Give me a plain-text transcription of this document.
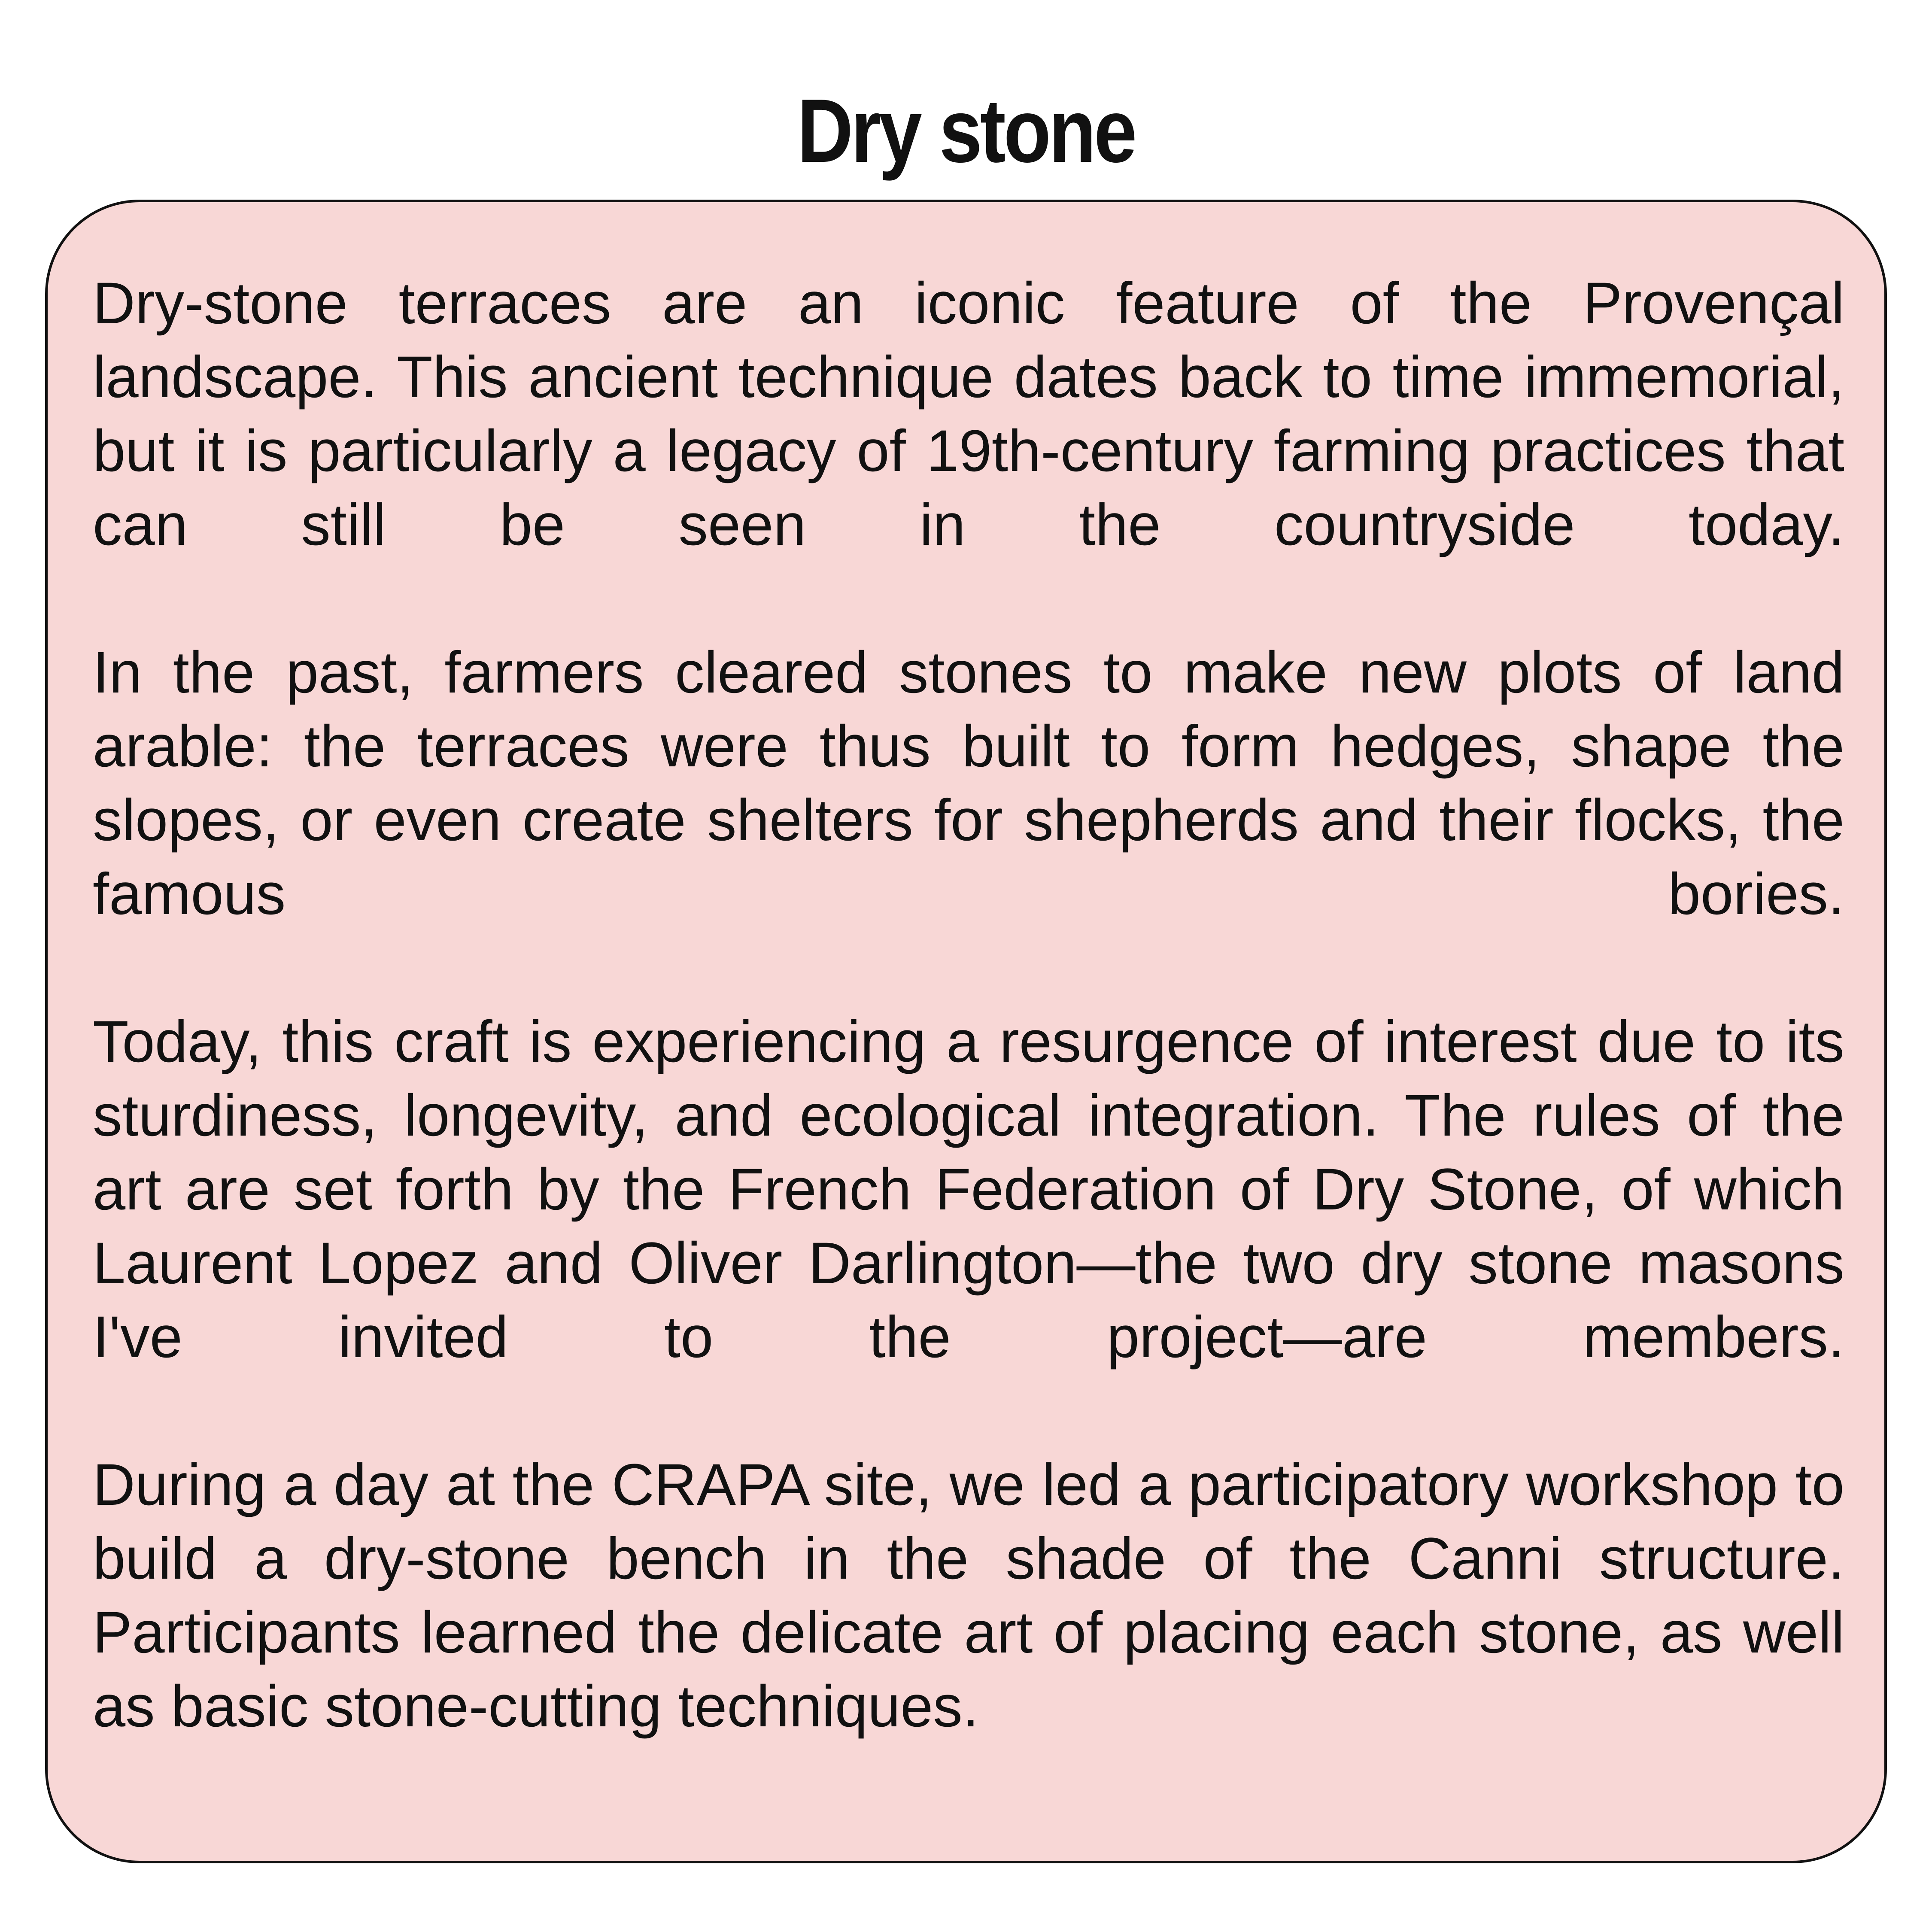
Dry stone

Dry-stone terraces are an iconic feature of the Provençal landscape. This ancient technique dates back to time immemorial, but it is particularly a legacy of 19th-century farming practices that can still be seen in the countryside today.

In the past, farmers cleared stones to make new plots of land arable: the terraces were thus built to form hedges, shape the slopes, or even create shelters for shepherds and their flocks, the famous bories.

Today, this craft is experiencing a resurgence of interest due to its sturdiness, longevity, and ecological integration. The rules of the art are set forth by the French Federation of Dry Stone, of which Laurent Lopez and Oliver Darlington—the two dry stone masons I've invited to the project—are members.

During a day at the CRAPA site, we led a participatory workshop to build a dry-stone bench in the shade of the Canni structure. Participants learned the delicate art of placing each stone, as well as basic stone-cutting techniques.
